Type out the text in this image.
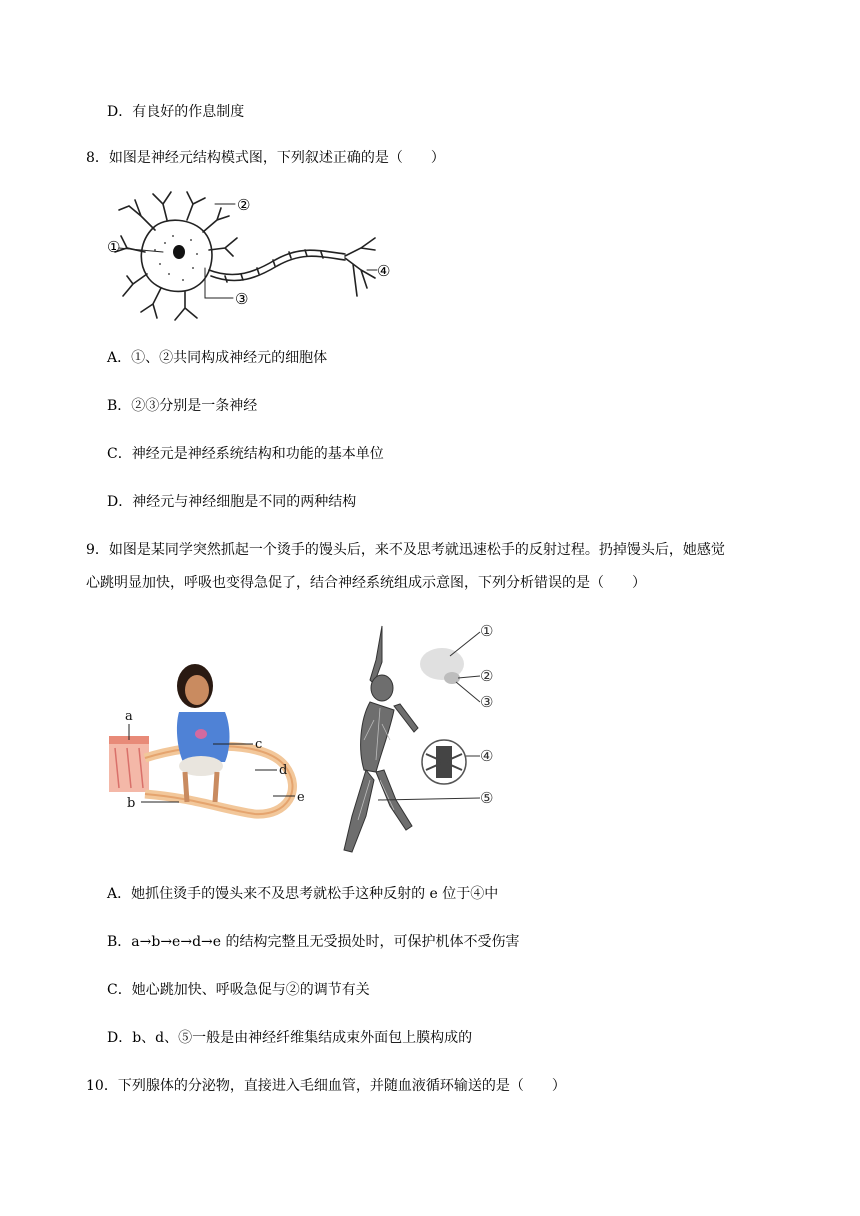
D．有良好的作息制度
8．如图是神经元结构模式图，下列叙述正确的是（　　）
①
②
③
④
A．①、②共同构成神经元的细胞体
B．②③分别是一条神经
C．神经元是神经系统结构和功能的基本单位
D．神经元与神经细胞是不同的两种结构
9．如图是某同学突然抓起一个烫手的馒头后，来不及思考就迅速松手的反射过程。扔掉馒头后，她感觉
心跳明显加快，呼吸也变得急促了，结合神经系统组成示意图，下列分析错误的是（　　）
a
b
c
d
e
①
②
③
④
⑤
A．她抓住烫手的馒头来不及思考就松手这种反射的 e 位于④中
B．a→b→e→d→e 的结构完整且无受损处时，可保护机体不受伤害
C．她心跳加快、呼吸急促与②的调节有关
D．b、d、⑤一般是由神经纤维集结成束外面包上膜构成的
10．下列腺体的分泌物，直接进入毛细血管，并随血液循环输送的是（　　）
